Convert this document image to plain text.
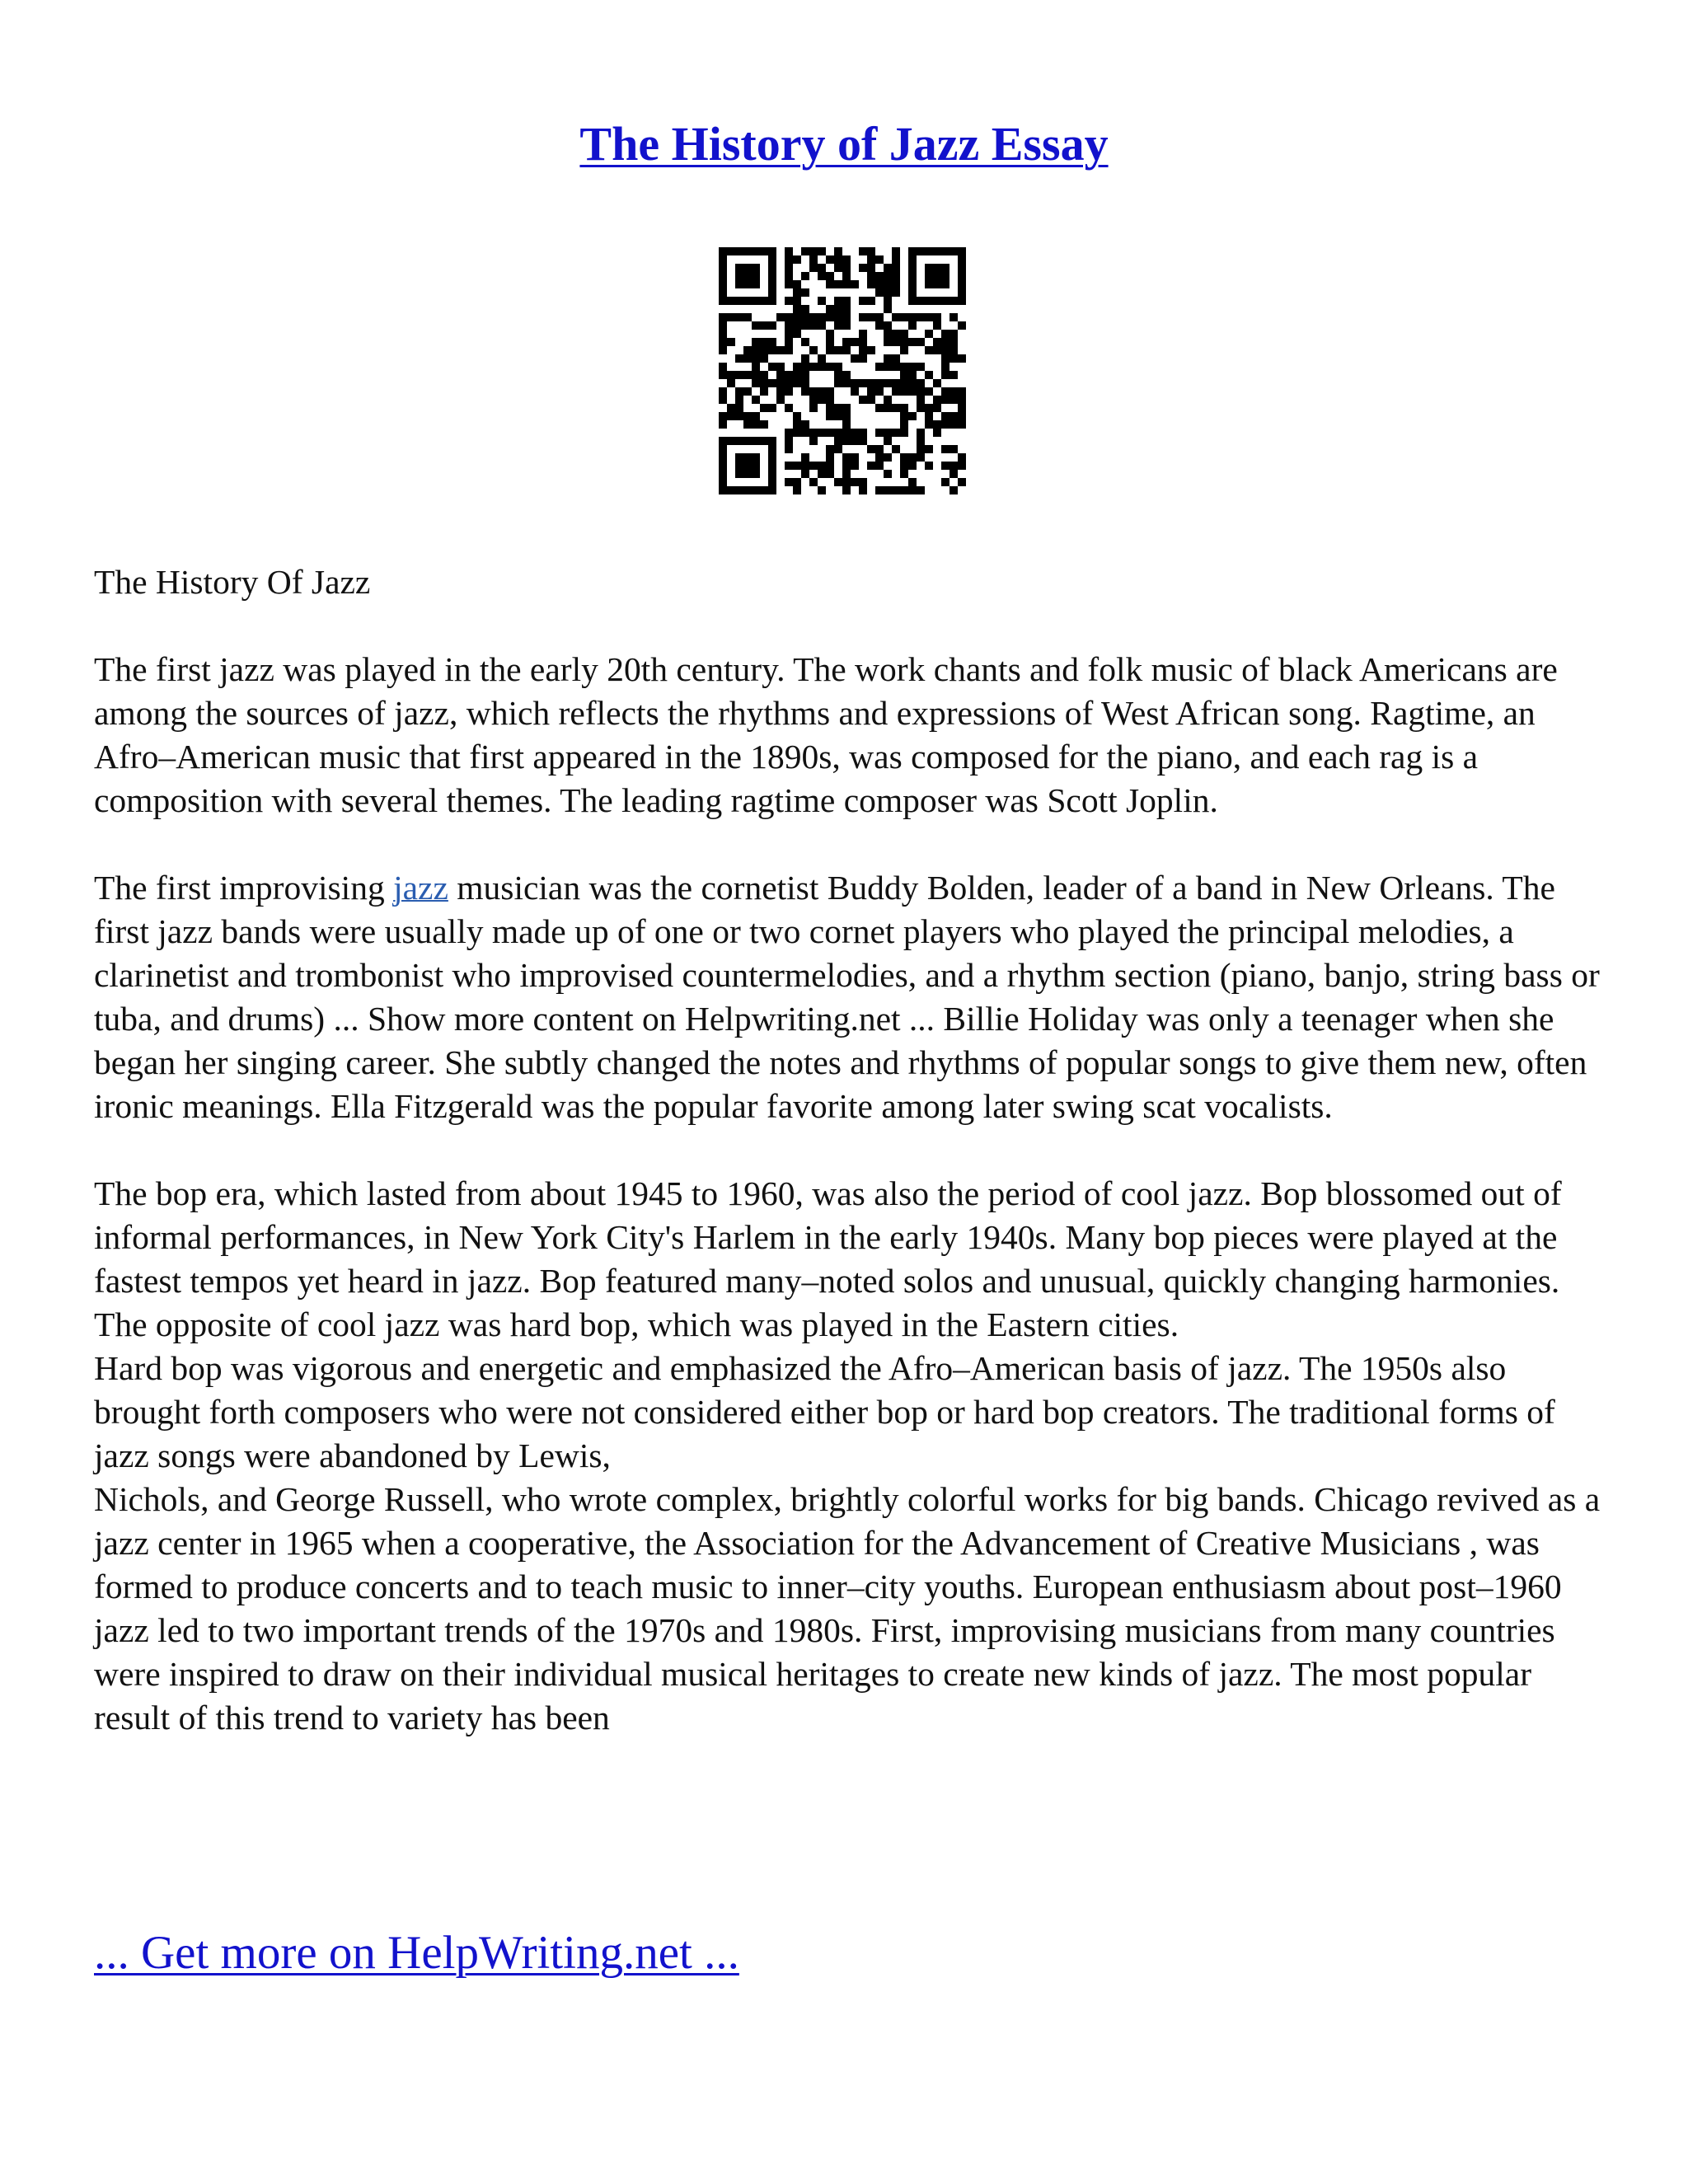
The History of Jazz Essay

The History Of Jazz

The first jazz was played in the early 20th century. The work chants and folk music of black Americans are among the sources of jazz, which reflects the rhythms and expressions of West African song. Ragtime, an Afro–American music that first appeared in the 1890s, was composed for the piano, and each rag is a composition with several themes. The leading ragtime composer was Scott Joplin.

The first improvising jazz musician was the cornetist Buddy Bolden, leader of a band in New Orleans. The first jazz bands were usually made up of one or two cornet players who played the principal melodies, a clarinetist and trombonist who improvised countermelodies, and a rhythm section (piano, banjo, string bass or tuba, and drums) ... Show more content on Helpwriting.net ... Billie Holiday was only a teenager when she began her singing career. She subtly changed the notes and rhythms of popular songs to give them new, often ironic meanings. Ella Fitzgerald was the popular favorite among later swing scat vocalists.

The bop era, which lasted from about 1945 to 1960, was also the period of cool jazz. Bop blossomed out of informal performances, in New York City's Harlem in the early 1940s. Many bop pieces were played at the fastest tempos yet heard in jazz. Bop featured many–noted solos and unusual, quickly changing harmonies.

The opposite of cool jazz was hard bop, which was played in the Eastern cities.

Hard bop was vigorous and energetic and emphasized the Afro–American basis of jazz. The 1950s also brought forth composers who were not considered either bop or hard bop creators. The traditional forms of jazz songs were abandoned by Lewis,

Nichols, and George Russell, who wrote complex, brightly colorful works for big bands. Chicago revived as a jazz center in 1965 when a cooperative, the Association for the Advancement of Creative Musicians , was formed to produce concerts and to teach music to inner–city youths. European enthusiasm about post–1960 jazz led to two important trends of the 1970s and 1980s. First, improvising musicians from many countries were inspired to draw on their individual musical heritages to create new kinds of jazz. The most popular result of this trend to variety has been

... Get more on HelpWriting.net ...
